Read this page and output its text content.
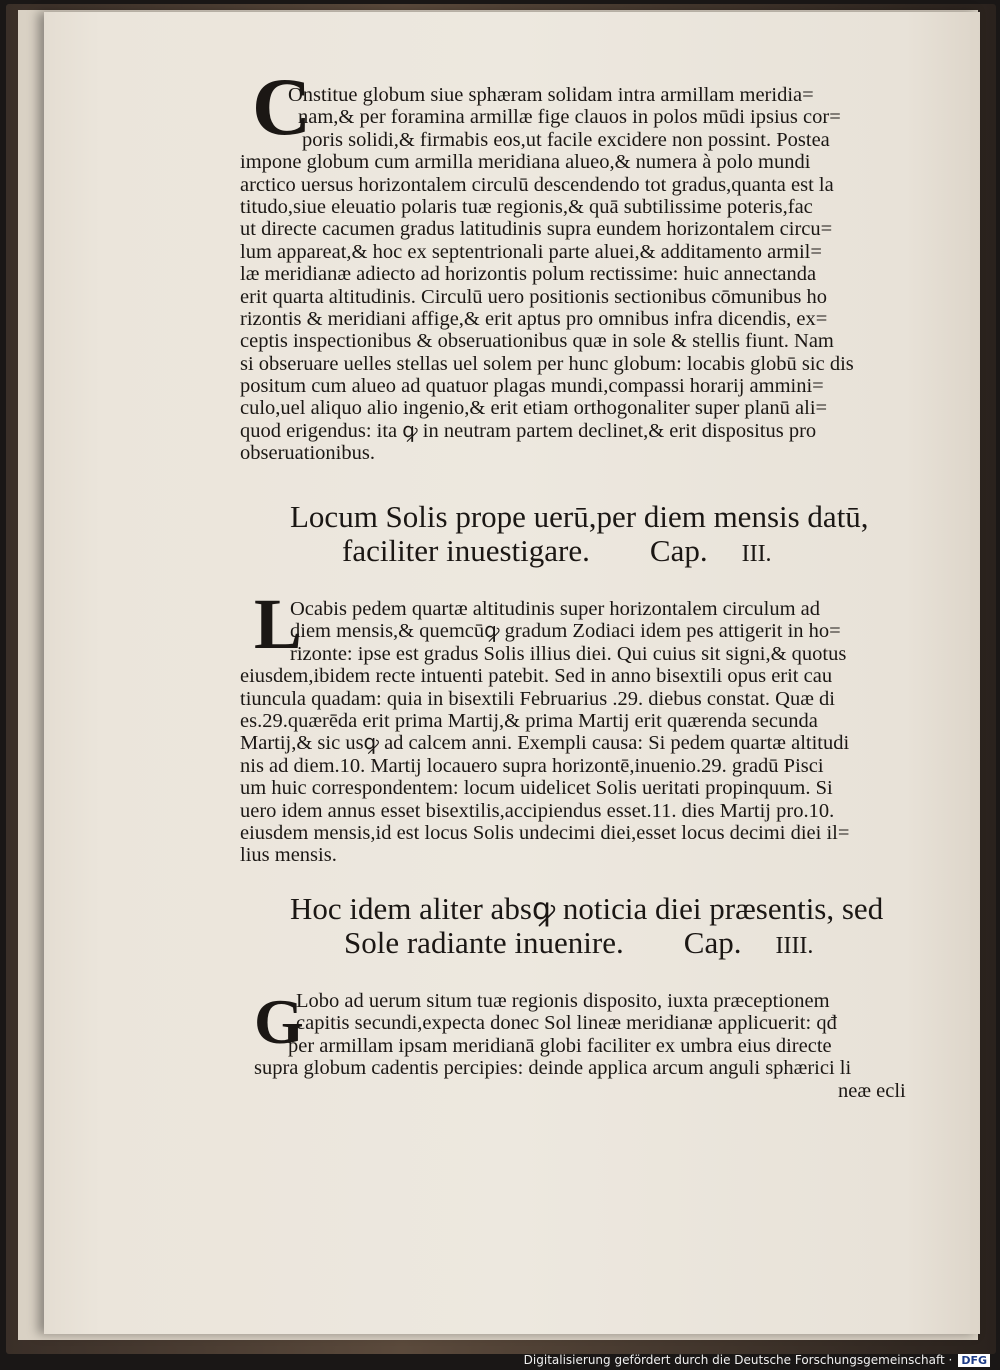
C
Onstitue globum siue sphæram solidam intra armillam meridia=
nam,& per foramina armillæ fige clauos in polos mūdi ipsius cor=
poris solidi,& firmabis eos,ut facile excidere non possint. Postea
impone globum cum armilla meridiana alueo,& numera à polo mundi
arctico uersus horizontalem circulū descendendo tot gradus,quanta est la
titudo,siue eleuatio polaris tuæ regionis,& quā subtilissime poteris,fac
ut directe cacumen gradus latitudinis supra eundem horizontalem circu=
lum appareat,& hoc ex septentrionali parte aluei,& additamento armil=
læ meridianæ adiecto ad horizontis polum rectissime: huic annectanda
erit quarta altitudinis. Circulū uero positionis sectionibus cōmunibus ho
rizontis & meridiani affige,& erit aptus pro omnibus infra dicendis, ex=
ceptis inspectionibus & obseruationibus quæ in sole & stellis fiunt. Nam
si obseruare uelles stellas uel solem per hunc globum: locabis globū sic dis
positum cum alueo ad quatuor plagas mundi,compassi horarij ammini=
culo,uel aliquo alio ingenio,& erit etiam orthogonaliter super planū ali=
quod erigendus: ita ꝙ in neutram partem declinet,& erit dispositus pro
obseruationibus.
Locum Solis prope uerū,per diem mensis datū,
faciliter inuestigare. Cap. III.
L
Ocabis pedem quartæ altitudinis super horizontalem circulum ad
diem mensis,& quemcūꝙ gradum Zodiaci idem pes attigerit in ho=
rizonte: ipse est gradus Solis illius diei. Qui cuius sit signi,& quotus
eiusdem,ibidem recte intuenti patebit. Sed in anno bisextili opus erit cau
tiuncula quadam: quia in bisextili Februarius .29. diebus constat. Quæ di
es.29.quærēda erit prima Martij,& prima Martij erit quærenda secunda
Martij,& sic usꝙ ad calcem anni. Exempli causa: Si pedem quartæ altitudi
nis ad diem.10. Martij locauero supra horizontē,inuenio.29. gradū Pisci
um huic correspondentem: locum uidelicet Solis ueritati propinquum. Si
uero idem annus esset bisextilis,accipiendus esset.11. dies Martij pro.10.
eiusdem mensis,id est locus Solis undecimi diei,esset locus decimi diei il=
lius mensis.
Hoc idem aliter absꝙ noticia diei præsentis, sed
Sole radiante inuenire. Cap. IIII.
G
Lobo ad uerum situm tuæ regionis disposito, iuxta præceptionem
capitis secundi,expecta donec Sol lineæ meridianæ applicuerit: qđ
per armillam ipsam meridianā globi faciliter ex umbra eius directe
supra globum cadentis percipies: deinde applica arcum anguli sphærici li
neæ ecli
Digitalisierung gefördert durch die Deutsche Forschungsgemeinschaft · DFG
